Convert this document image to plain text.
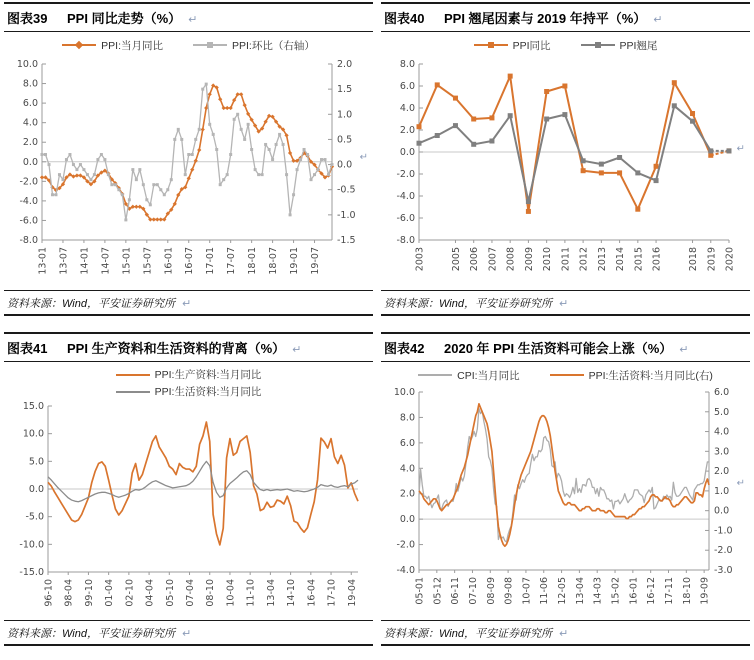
图表39	PPI 同比走势（%） ↵
PPI:当月同比	PPI:环比（右轴）
10.0
8.0
6.0
4.0
2.0
0.0
-2.0
-4.0
-6.0
-8.0
2.0
1.5
1.0
0.5
0.0
-0.5
-1.0
-1.5
13-01 13-07 14-01 14-07 15-01 15-07 16-01 16-07 17-01 17-07 18-01 18-07 19-01 19-07
↵
资料来源：Wind，平安证券研究所 ↵
图表40	PPI 翘尾因素与 2019 年持平（%） ↵
PPI同比	PPI翘尾
8.0
6.0
4.0
2.0
0.0
-2.0
-4.0
-6.0
-8.0
2003	2005 2006 2007 2008 2009 2010 2011 2012 2013 2014 2015 2016	2018 2019 2020
↵
资料来源：Wind，平安证券研究所 ↵
图表41	PPI 生产资料和生活资料的背离（%） ↵
PPI:生产资料:当月同比
PPI:生活资料:当月同比
15.0
10.0
5.0
0.0
-5.0
-10.0
-15.0
96-10 98-04 99-10 01-04 02-10 04-04 05-10 07-04 08-10 10-04 11-10 13-04 14-10 16-04 17-10 19-04
资料来源：Wind，平安证券研究所 ↵
图表42	2020 年 PPI 生活资料可能会上涨（%） ↵
CPI:当月同比	PPI:生活资料:当月同比(右)
10.0
8.0
6.0
4.0
2.0
0.0
-2.0
-4.0
6.0
5.0
4.0
3.0
2.0
1.0
0.0
-1.0
-2.0
-3.0
05-01 05-12 06-11 07-10 08-09 09-08 10-07 11-06 12-05 13-04 14-03 15-02 16-01 16-12 17-11 18-10 19-09
↵
资料来源：Wind，平安证券研究所 ↵
